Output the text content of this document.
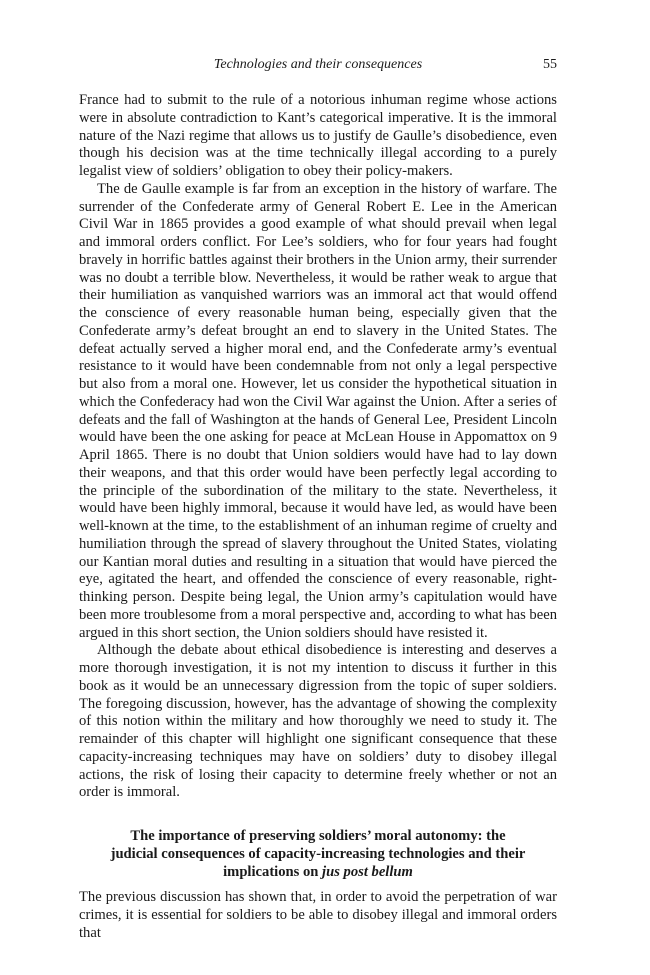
Technologies and their consequences	55

France had to submit to the rule of a notorious inhuman regime whose actions were in absolute contradiction to Kant’s categorical imperative. It is the immoral nature of the Nazi regime that allows us to justify de Gaulle’s disobedience, even though his decision was at the time technically illegal according to a purely legalist view of soldiers’ obligation to obey their policy-makers.

The de Gaulle example is far from an exception in the history of warfare. The surrender of the Confederate army of General Robert E. Lee in the American Civil War in 1865 provides a good example of what should prevail when legal and immoral orders conflict. For Lee’s soldiers, who for four years had fought bravely in horrific battles against their brothers in the Union army, their surrender was no doubt a terrible blow. Nevertheless, it would be rather weak to argue that their humiliation as vanquished warriors was an immoral act that would offend the conscience of every reasonable human being, especially given that the Confederate army’s defeat brought an end to slavery in the United States. The defeat actually served a higher moral end, and the Confederate army’s eventual resistance to it would have been condemnable from not only a legal perspective but also from a moral one. However, let us consider the hypothetical situation in which the Confederacy had won the Civil War against the Union. After a series of defeats and the fall of Washington at the hands of General Lee, President Lincoln would have been the one asking for peace at McLean House in Appomattox on 9 April 1865. There is no doubt that Union soldiers would have had to lay down their weapons, and that this order would have been perfectly legal according to the principle of the subordination of the military to the state. Nevertheless, it would have been highly immoral, because it would have led, as would have been well-known at the time, to the establishment of an inhuman regime of cruelty and humiliation through the spread of slavery throughout the United States, violating our Kantian moral duties and resulting in a situation that would have pierced the eye, agitated the heart, and offended the conscience of every reasonable, right-thinking person. Despite being legal, the Union army’s capitulation would have been more troublesome from a moral perspective and, according to what has been argued in this short section, the Union soldiers should have resisted it.

Although the debate about ethical disobedience is interesting and deserves a more thorough investigation, it is not my intention to discuss it further in this book as it would be an unnecessary digression from the topic of super soldiers. The foregoing discussion, however, has the advantage of showing the complexity of this notion within the military and how thoroughly we need to study it. The remainder of this chapter will highlight one significant consequence that these capacity-increasing techniques may have on soldiers’ duty to disobey illegal actions, the risk of losing their capacity to determine freely whether or not an order is immoral.

The importance of preserving soldiers’ moral autonomy: the
judicial consequences of capacity-increasing technologies and their
implications on jus post bellum

The previous discussion has shown that, in order to avoid the perpetration of war crimes, it is essential for soldiers to be able to disobey illegal and immoral orders that
